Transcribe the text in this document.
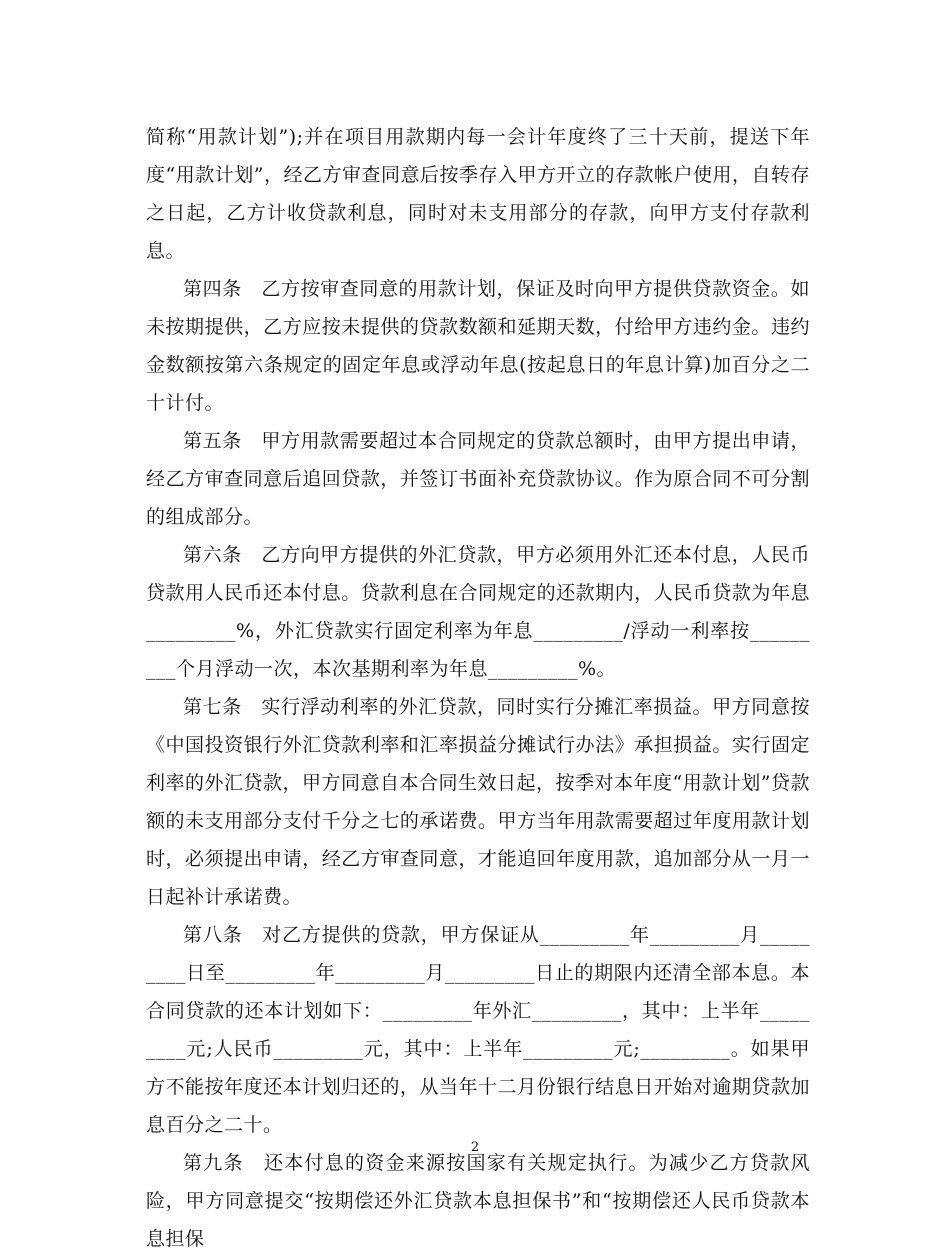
简称“用款计划”);并在项目用款期内每一会计年度终了三十天前，提送下年度“用款计划”，经乙方审查同意后按季存入甲方开立的存款帐户使用，自转存之日起，乙方计收贷款利息，同时对未支用部分的存款，向甲方支付存款利息。

第四条　乙方按审查同意的用款计划，保证及时向甲方提供贷款资金。如未按期提供，乙方应按未提供的贷款数额和延期天数，付给甲方违约金。违约金数额按第六条规定的固定年息或浮动年息(按起息日的年息计算)加百分之二十计付。

第五条　甲方用款需要超过本合同规定的贷款总额时，由甲方提出申请，经乙方审查同意后追回贷款，并签订书面补充贷款协议。作为原合同不可分割的组成部分。

第六条　乙方向甲方提供的外汇贷款，甲方必须用外汇还本付息，人民币贷款用人民币还本付息。贷款利息在合同规定的还款期内，人民币贷款为年息_________%，外汇贷款实行固定利率为年息_________/浮动一利率按_________个月浮动一次，本次基期利率为年息_________%。

第七条　实行浮动利率的外汇贷款，同时实行分摊汇率损益。甲方同意按《中国投资银行外汇贷款利率和汇率损益分摊试行办法》承担损益。实行固定利率的外汇贷款，甲方同意自本合同生效日起，按季对本年度“用款计划”贷款额的未支用部分支付千分之七的承诺费。甲方当年用款需要超过年度用款计划时，必须提出申请，经乙方审查同意，才能追回年度用款，追加部分从一月一日起补计承诺费。

第八条　对乙方提供的贷款，甲方保证从_________年_________月_________日至_________年_________月_________日止的期限内还清全部本息。本合同贷款的还本计划如下：_________年外汇_________，其中：上半年_________元;人民币_________元，其中：上半年_________元;_________。如果甲方不能按年度还本计划归还的，从当年十二月份银行结息日开始对逾期贷款加息百分之二十。

第九条　还本付息的资金来源按国家有关规定执行。为减少乙方贷款风险，甲方同意提交“按期偿还外汇贷款本息担保书”和“按期偿还人民币贷款本息担保

2
